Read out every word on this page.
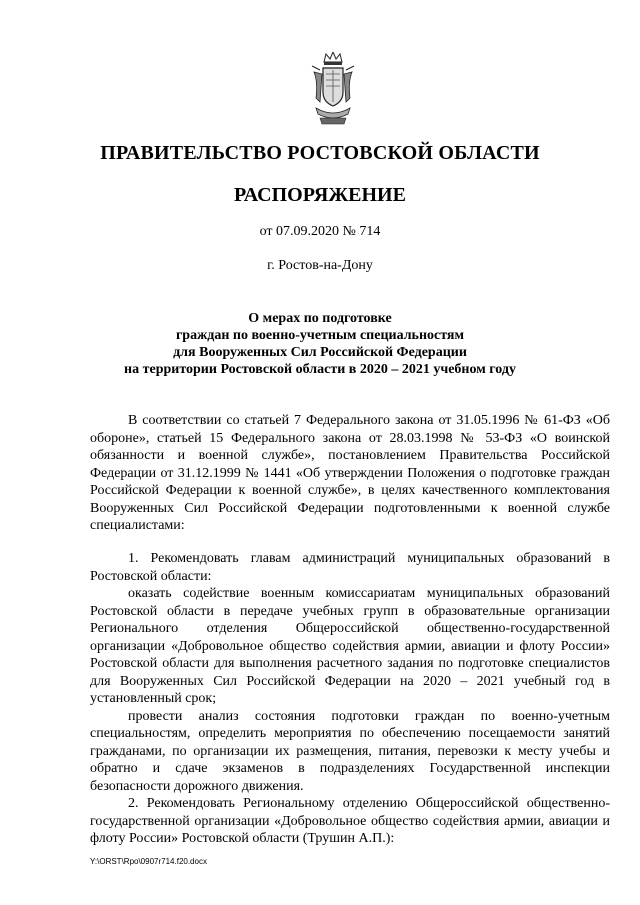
ПРАВИТЕЛЬСТВО РОСТОВСКОЙ ОБЛАСТИ
РАСПОРЯЖЕНИЕ
от 07.09.2020 № 714
г. Ростов-на-Дону
О мерах по подготовке
граждан по военно-учетным специальностям
для Вооруженных Сил Российской Федерации
на территории Ростовской области в 2020 – 2021 учебном году

В соответствии со статьей 7 Федерального закона от 31.05.1996 № 61-ФЗ «Об обороне», статьей 15 Федерального закона от 28.03.1998 № 53-ФЗ «О воинской обязанности и военной службе», постановлением Правительства Российской Федерации от 31.12.1999 № 1441 «Об утверждении Положения о подготовке граждан Российской Федерации к военной службе», в целях качественного комплектования Вооруженных Сил Российской Федерации подготовленными к военной службе специалистами:

1. Рекомендовать главам администраций муниципальных образований в Ростовской области:

оказать содействие военным комиссариатам муниципальных образований Ростовской области в передаче учебных групп в образовательные организации Регионального отделения Общероссийской общественно-государственной организации «Добровольное общество содействия армии, авиации и флоту России» Ростовской области для выполнения расчетного задания по подготовке специалистов для Вооруженных Сил Российской Федерации на 2020 – 2021 учебный год в установленный срок;

провести анализ состояния подготовки граждан по военно-учетным специальностям, определить мероприятия по обеспечению посещаемости занятий гражданами, по организации их размещения, питания, перевозки к месту учебы и обратно и сдаче экзаменов в подразделениях Государственной инспекции безопасности дорожного движения.

2. Рекомендовать Региональному отделению Общероссийской общественно-государственной организации «Добровольное общество содействия армии, авиации и флоту России» Ростовской области (Трушин А.П.):

Y:\ORST\Rpo\0907r714.f20.docx
